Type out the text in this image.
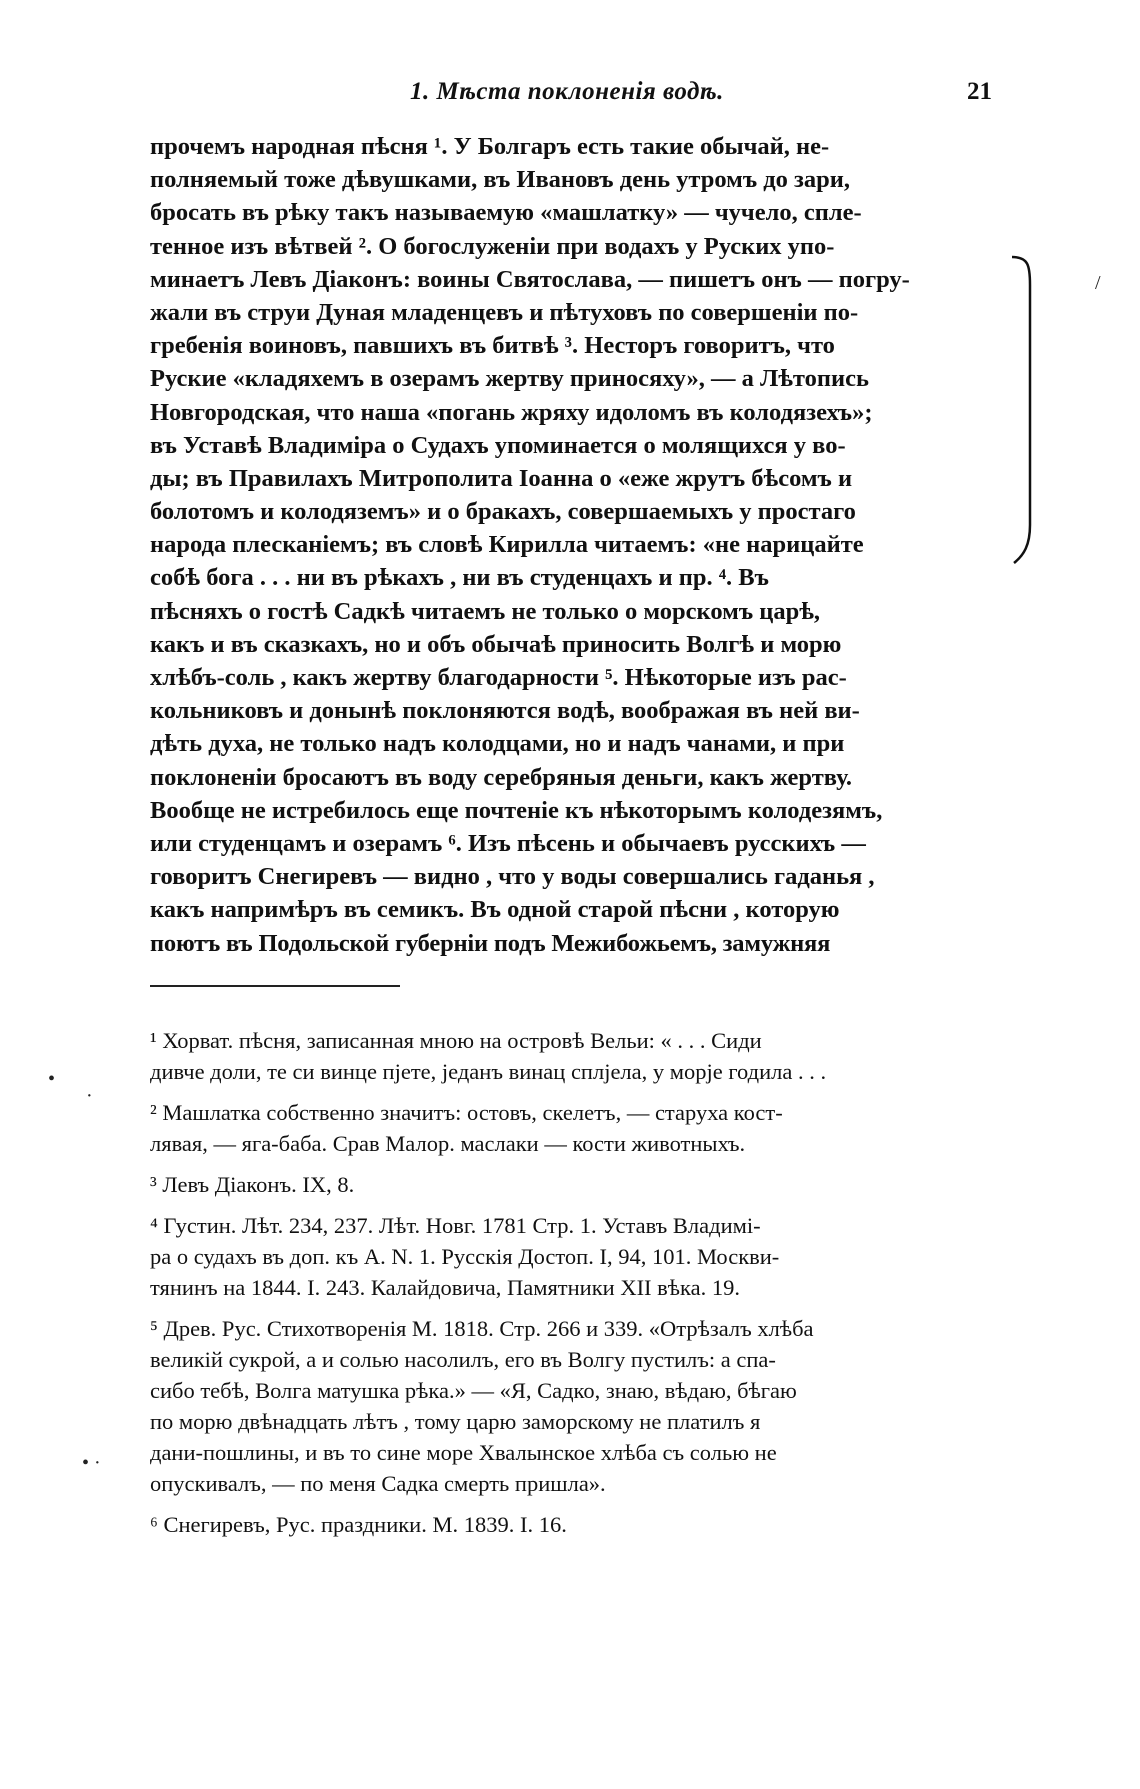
1. Мѣста поклоненія водѣ.	21
прочемъ народная пѣсня ¹. У Болгаръ есть такие обычай, не-
полняемый тоже дѣвушками, въ Ивановъ день утромъ до зари,
бросать въ рѣку такъ называемую «машлатку» — чучело, спле-
тенное изъ вѣтвей ². О богослуженіи при водахъ у Руских упо-
минаетъ Левъ Діаконъ: воины Святослава, — пишетъ онъ — погру-
жали въ струи Дуная младенцевъ и пѣтуховъ по совершеніи по-
гребенія воиновъ, павшихъ въ битвѣ ³. Несторъ говоритъ, что
Руские «кладяхемъ в озерамъ жертву приносяху», — а Лѣтопись
Новгородская, что наша «погань жряху идоломъ въ колодязехъ»;
въ Уставѣ Владиміра о Судахъ упоминается о молящихся у во-
ды; въ Правилахъ Митрополита Іоанна о «еже жрутъ бѣсомъ и
болотомъ и колодяземъ» и о бракахъ, совершаемыхъ у простаго
народа плесканіемъ; въ словѣ Кирилла читаемъ: «не нарицайте
собѣ бога . . . ни въ рѣкахъ , ни въ студенцахъ и пр. ⁴. Въ
пѣсняхъ о гостѣ Садкѣ читаемъ не только о морскомъ царѣ,
какъ и въ сказкахъ, но и объ обычаѣ приносить Волгѣ и морю
хлѣбъ-соль , какъ жертву благодарности ⁵. Нѣкоторые изъ рас-
кольниковъ и донынѣ поклоняются водѣ, воображая въ ней ви-
дѣть духа, не только надъ колодцами, но и надъ чанами, и при
поклоненіи бросаютъ въ воду серебряныя деньги, какъ жертву.
Вообще не истребилось еще почтеніе къ нѣкоторымъ колодезямъ,
или студенцамъ и озерамъ ⁶. Изъ пѣсень и обычаевъ русскихъ —
говоритъ Снегиревъ — видно , что у воды совершались гаданья ,
какъ напримѣръ въ семикъ. Въ одной старой пѣсни , которую
поютъ въ Подольской губерніи подъ Межибожьемъ, замужняя
¹ Хорват. пѣсня, записанная мною на островѣ Вельи: « . . . Сиди
дивче доли, те си винце пјете, једанъ винац сплјела, у морје годила . . .
² Машлатка собственно значитъ: остовъ, скелетъ, — старуха кост-
лявая, — яга-баба. Срав Малор. маслаки — кости животныхъ.
³ Левъ Діаконъ. IX, 8.
⁴ Густин. Лѣт. 234, 237. Лѣт. Новг. 1781 Стр. 1. Уставъ Владимі-
ра о судахъ въ доп. къ А. N. 1. Русскія Достоп. I, 94, 101. Москви-
тянинъ на 1844. I. 243. Калайдовича, Памятники XII вѣка. 19.
⁵ Древ. Рус. Стихотворенія М. 1818. Стр. 266 и 339. «Отрѣзалъ хлѣба
великій сукрой, а и солью насолилъ, его въ Волгу пустилъ: а спа-
сибо тебѣ, Волга матушка рѣка.» — «Я, Садко, знаю, вѣдаю, бѣгаю
по морю двѣнадцать лѣтъ , тому царю заморскому не платилъ я
дани-пошлины, и въ то сине море Хвалынское хлѣба съ солью не
опускивалъ, — по меня Садка смерть пришла».
⁶ Снегиревъ, Рус. праздники. М. 1839. I. 16.
•
·
• ·
/
